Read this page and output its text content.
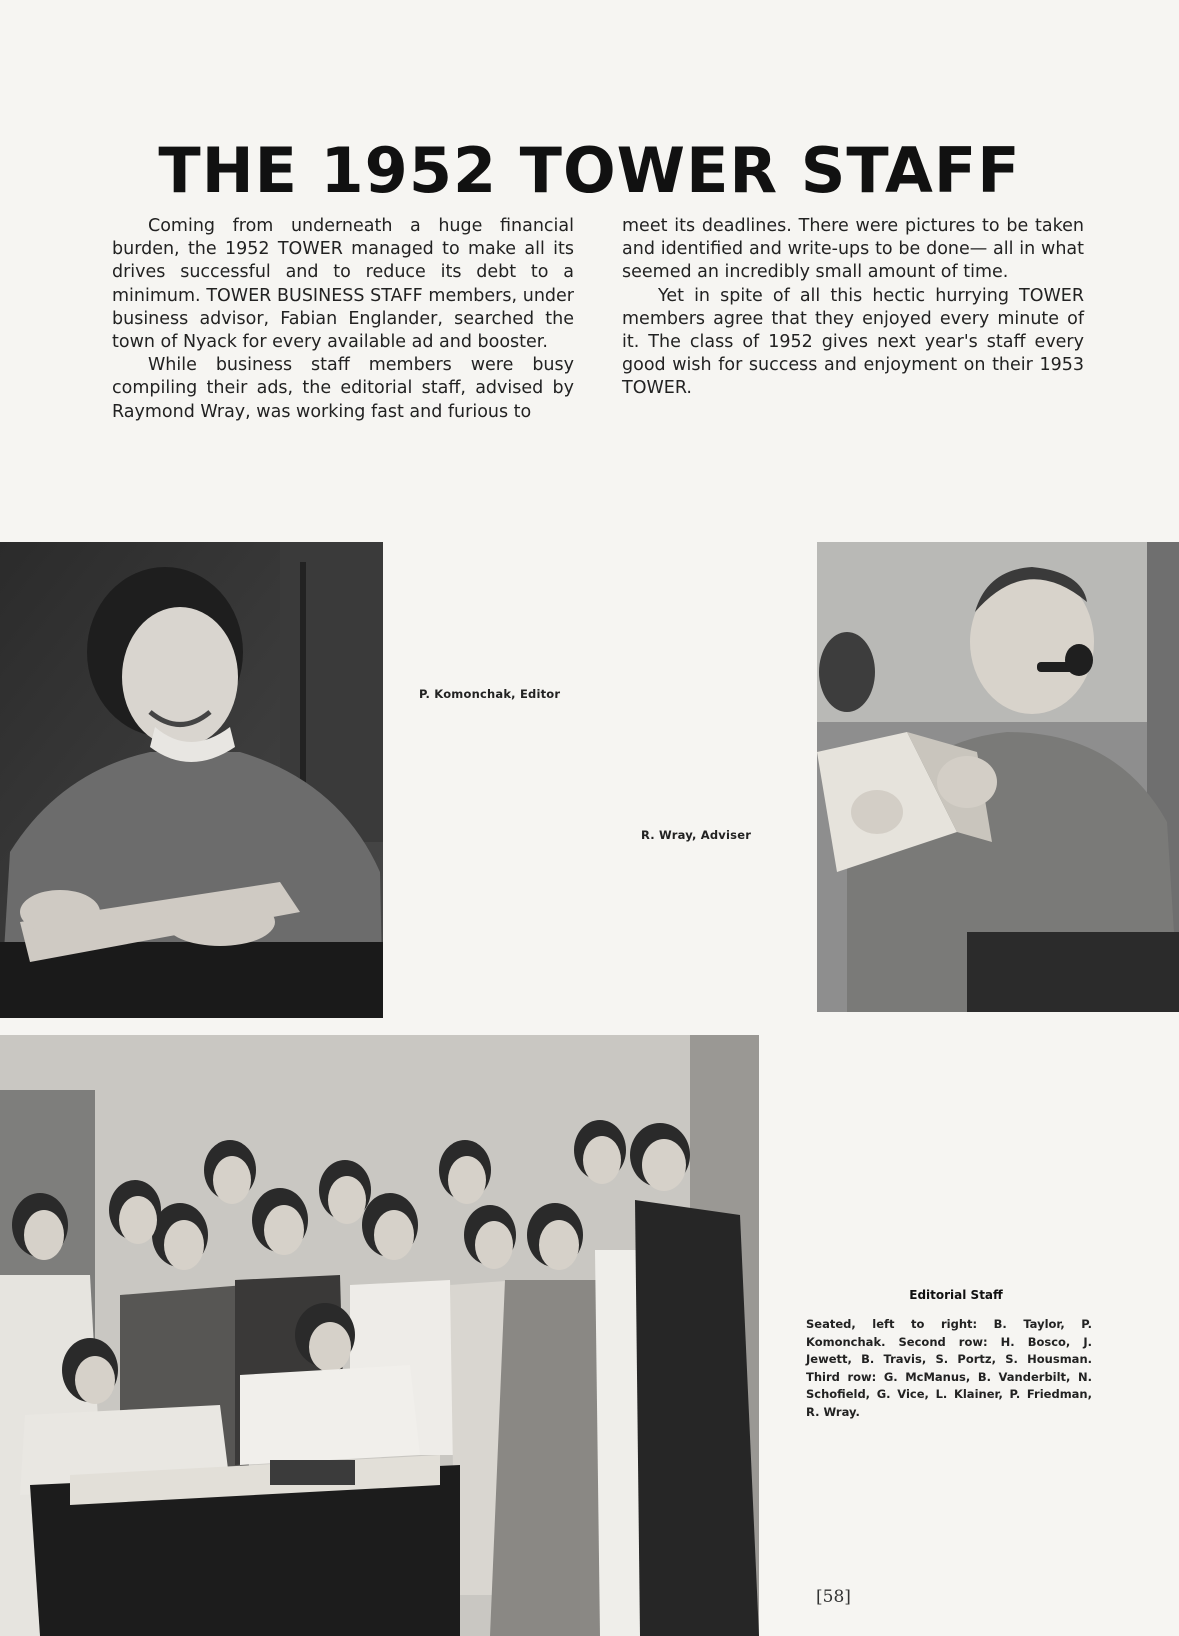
THE 1952 TOWER STAFF

Coming from underneath a huge financial burden, the 1952 TOWER managed to make all its drives successful and to reduce its debt to a minimum. TOWER BUSINESS STAFF members, under business advisor, Fabian Englander, searched the town of Nyack for every available ad and booster.

While business staff members were busy compiling their ads, the editorial staff, advised by Raymond Wray, was working fast and furious to

meet its deadlines. There were pictures to be taken and identified and write-ups to be done— all in what seemed an incredibly small amount of time.

Yet in spite of all this hectic hurrying TOWER members agree that they enjoyed every minute of it. The class of 1952 gives next year's staff every good wish for success and enjoyment on their 1953 TOWER.

P. Komonchak, Editor
R. Wray, Adviser
Editorial Staff
Seated, left to right: B. Taylor, P. Komonchak. Second row: H. Bosco, J. Jewett, B. Travis, S. Portz, S. Housman. Third row: G. McManus, B. Vanderbilt, N. Schofield, G. Vice, L. Klainer, P. Friedman, R. Wray.
[58]
